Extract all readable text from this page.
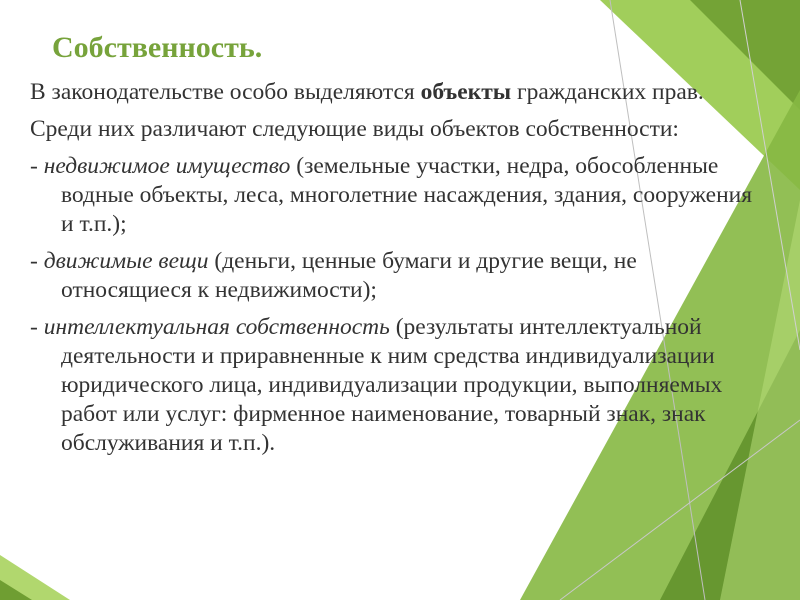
Собственность.

В законодательстве особо выделяются объекты гражданских прав.

Среди них различают следующие виды объектов собственности:

- недвижимое имущество (земельные участки, недра, обособленные водные объекты, леса, многолетние насаждения, здания, сооружения и т.п.);

- движимые вещи (деньги, ценные бумаги и другие вещи, не относящиеся к недвижимости);

- интеллектуальная собственность (результаты интеллектуальной деятельности и приравненные к ним средства индивидуализации юридического лица, индивидуализации продукции, выполняемых работ или услуг: фирменное наименование, товарный знак, знак обслуживания и т.п.).
